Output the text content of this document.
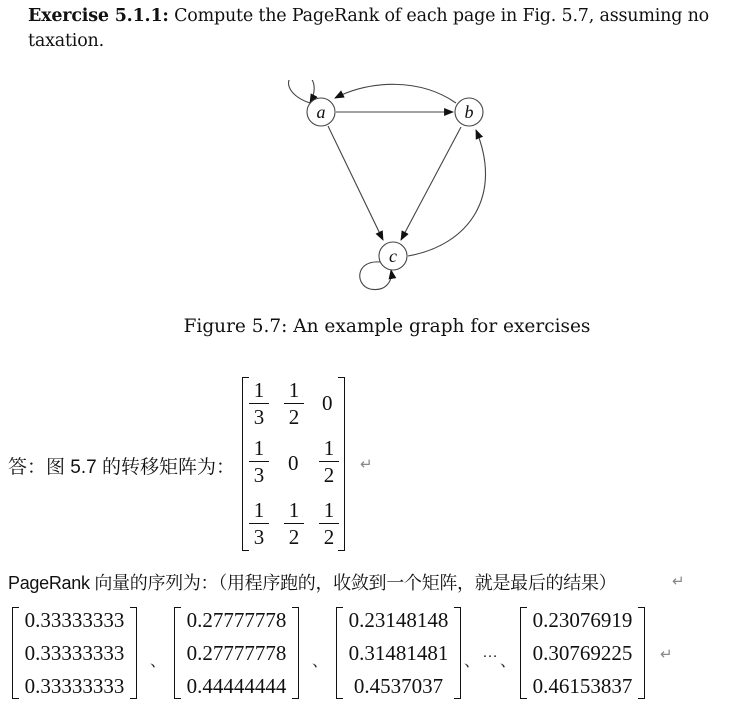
Exercise 5.1.1: Compute the PageRank of each page in Fig. 5.7, assuming no taxation.
a	b
c
Figure 5.7: An example graph for exercises
答：图 5.7 的转移矩阵为：
$\frac{1}{3} \frac{1}{2} 0$
$\frac{1}{3} 0 \frac{1}{2}$
$\frac{1}{3} \frac{1}{2} \frac{1}{2}$
↵
PageRank 向量的序列为：（用程序跑的，收敛到一个矩阵，就是最后的结果）	↵
0.33333333
0.33333333
0.33333333
、
0.27777778
0.27777778
0.44444444
、
0.23148148
0.31481481
0.4537037
、
…
、
0.23076919
0.30769225
0.46153837
↵
